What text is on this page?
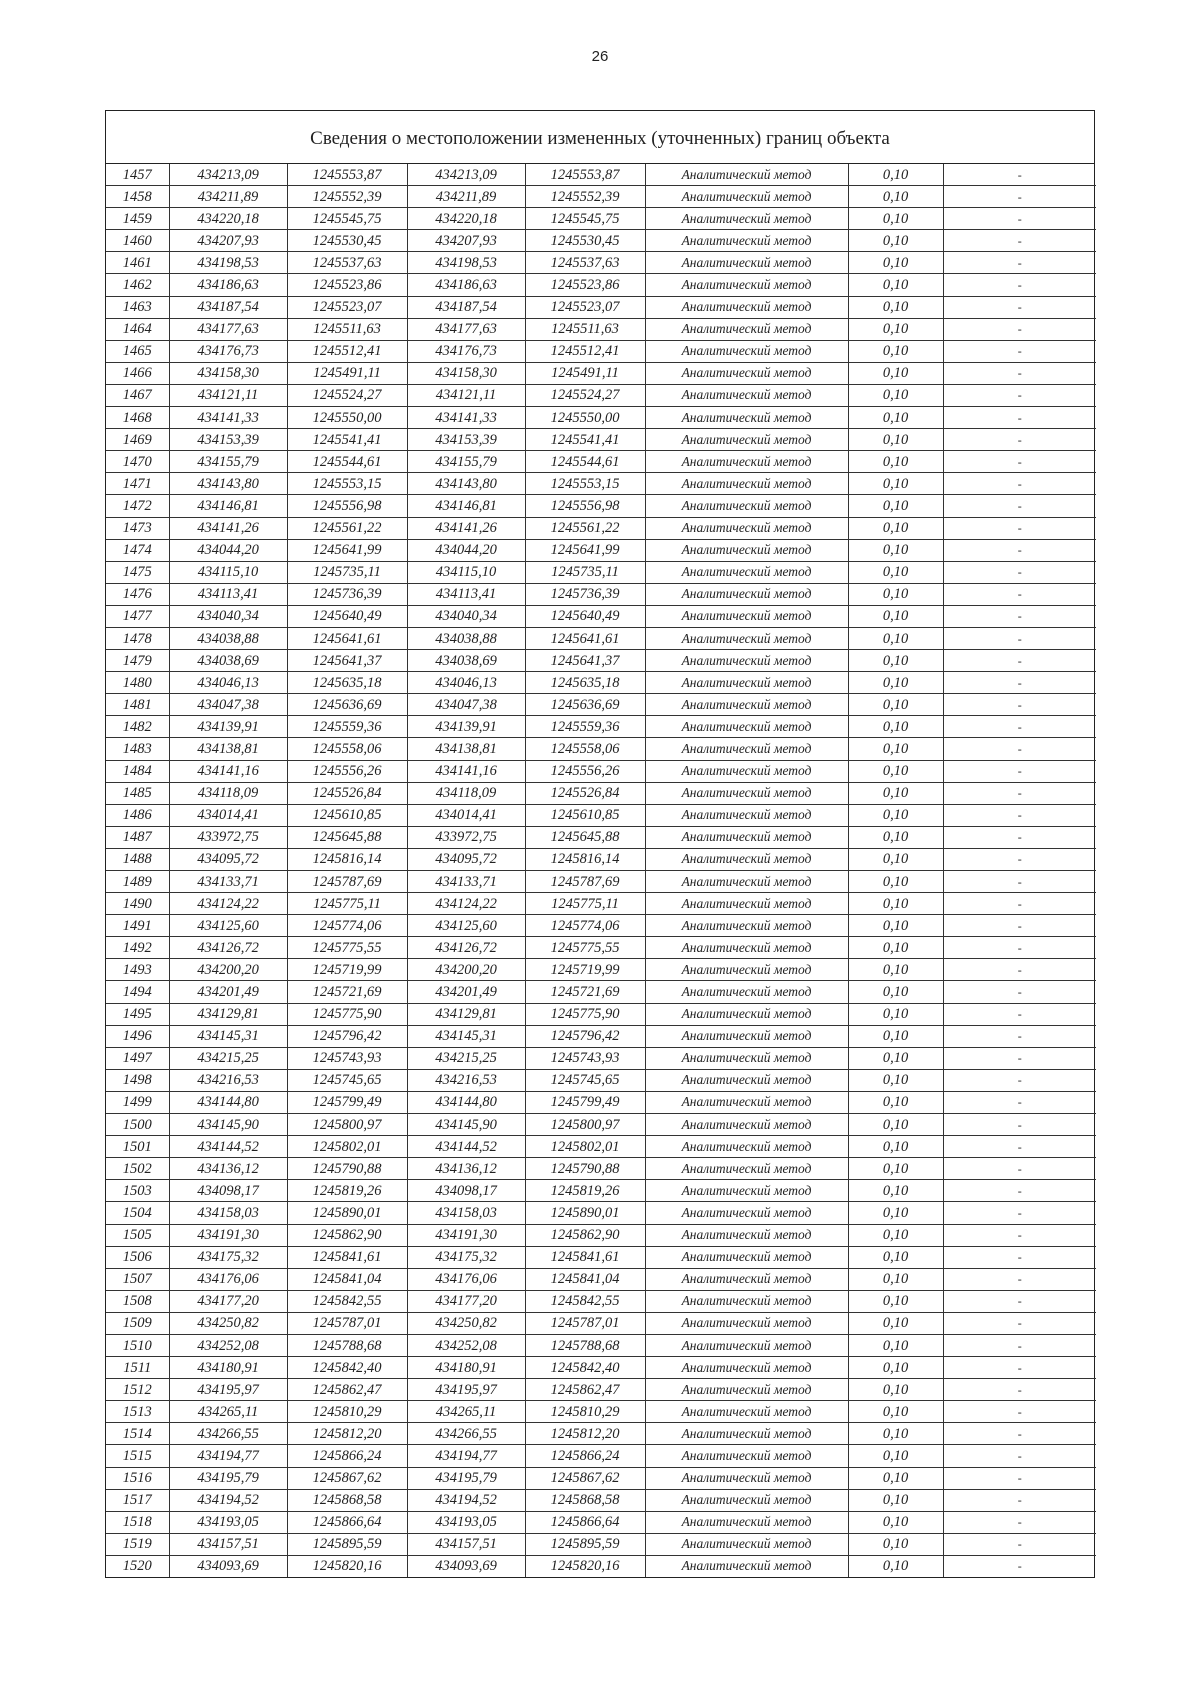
26
Сведения о местоположении измененных (уточненных) границ объекта
1457	434213,09	1245553,87	434213,09	1245553,87	Аналитический метод	0,10	-
1458	434211,89	1245552,39	434211,89	1245552,39	Аналитический метод	0,10	-
1459	434220,18	1245545,75	434220,18	1245545,75	Аналитический метод	0,10	-
1460	434207,93	1245530,45	434207,93	1245530,45	Аналитический метод	0,10	-
1461	434198,53	1245537,63	434198,53	1245537,63	Аналитический метод	0,10	-
1462	434186,63	1245523,86	434186,63	1245523,86	Аналитический метод	0,10	-
1463	434187,54	1245523,07	434187,54	1245523,07	Аналитический метод	0,10	-
1464	434177,63	1245511,63	434177,63	1245511,63	Аналитический метод	0,10	-
1465	434176,73	1245512,41	434176,73	1245512,41	Аналитический метод	0,10	-
1466	434158,30	1245491,11	434158,30	1245491,11	Аналитический метод	0,10	-
1467	434121,11	1245524,27	434121,11	1245524,27	Аналитический метод	0,10	-
1468	434141,33	1245550,00	434141,33	1245550,00	Аналитический метод	0,10	-
1469	434153,39	1245541,41	434153,39	1245541,41	Аналитический метод	0,10	-
1470	434155,79	1245544,61	434155,79	1245544,61	Аналитический метод	0,10	-
1471	434143,80	1245553,15	434143,80	1245553,15	Аналитический метод	0,10	-
1472	434146,81	1245556,98	434146,81	1245556,98	Аналитический метод	0,10	-
1473	434141,26	1245561,22	434141,26	1245561,22	Аналитический метод	0,10	-
1474	434044,20	1245641,99	434044,20	1245641,99	Аналитический метод	0,10	-
1475	434115,10	1245735,11	434115,10	1245735,11	Аналитический метод	0,10	-
1476	434113,41	1245736,39	434113,41	1245736,39	Аналитический метод	0,10	-
1477	434040,34	1245640,49	434040,34	1245640,49	Аналитический метод	0,10	-
1478	434038,88	1245641,61	434038,88	1245641,61	Аналитический метод	0,10	-
1479	434038,69	1245641,37	434038,69	1245641,37	Аналитический метод	0,10	-
1480	434046,13	1245635,18	434046,13	1245635,18	Аналитический метод	0,10	-
1481	434047,38	1245636,69	434047,38	1245636,69	Аналитический метод	0,10	-
1482	434139,91	1245559,36	434139,91	1245559,36	Аналитический метод	0,10	-
1483	434138,81	1245558,06	434138,81	1245558,06	Аналитический метод	0,10	-
1484	434141,16	1245556,26	434141,16	1245556,26	Аналитический метод	0,10	-
1485	434118,09	1245526,84	434118,09	1245526,84	Аналитический метод	0,10	-
1486	434014,41	1245610,85	434014,41	1245610,85	Аналитический метод	0,10	-
1487	433972,75	1245645,88	433972,75	1245645,88	Аналитический метод	0,10	-
1488	434095,72	1245816,14	434095,72	1245816,14	Аналитический метод	0,10	-
1489	434133,71	1245787,69	434133,71	1245787,69	Аналитический метод	0,10	-
1490	434124,22	1245775,11	434124,22	1245775,11	Аналитический метод	0,10	-
1491	434125,60	1245774,06	434125,60	1245774,06	Аналитический метод	0,10	-
1492	434126,72	1245775,55	434126,72	1245775,55	Аналитический метод	0,10	-
1493	434200,20	1245719,99	434200,20	1245719,99	Аналитический метод	0,10	-
1494	434201,49	1245721,69	434201,49	1245721,69	Аналитический метод	0,10	-
1495	434129,81	1245775,90	434129,81	1245775,90	Аналитический метод	0,10	-
1496	434145,31	1245796,42	434145,31	1245796,42	Аналитический метод	0,10	-
1497	434215,25	1245743,93	434215,25	1245743,93	Аналитический метод	0,10	-
1498	434216,53	1245745,65	434216,53	1245745,65	Аналитический метод	0,10	-
1499	434144,80	1245799,49	434144,80	1245799,49	Аналитический метод	0,10	-
1500	434145,90	1245800,97	434145,90	1245800,97	Аналитический метод	0,10	-
1501	434144,52	1245802,01	434144,52	1245802,01	Аналитический метод	0,10	-
1502	434136,12	1245790,88	434136,12	1245790,88	Аналитический метод	0,10	-
1503	434098,17	1245819,26	434098,17	1245819,26	Аналитический метод	0,10	-
1504	434158,03	1245890,01	434158,03	1245890,01	Аналитический метод	0,10	-
1505	434191,30	1245862,90	434191,30	1245862,90	Аналитический метод	0,10	-
1506	434175,32	1245841,61	434175,32	1245841,61	Аналитический метод	0,10	-
1507	434176,06	1245841,04	434176,06	1245841,04	Аналитический метод	0,10	-
1508	434177,20	1245842,55	434177,20	1245842,55	Аналитический метод	0,10	-
1509	434250,82	1245787,01	434250,82	1245787,01	Аналитический метод	0,10	-
1510	434252,08	1245788,68	434252,08	1245788,68	Аналитический метод	0,10	-
1511	434180,91	1245842,40	434180,91	1245842,40	Аналитический метод	0,10	-
1512	434195,97	1245862,47	434195,97	1245862,47	Аналитический метод	0,10	-
1513	434265,11	1245810,29	434265,11	1245810,29	Аналитический метод	0,10	-
1514	434266,55	1245812,20	434266,55	1245812,20	Аналитический метод	0,10	-
1515	434194,77	1245866,24	434194,77	1245866,24	Аналитический метод	0,10	-
1516	434195,79	1245867,62	434195,79	1245867,62	Аналитический метод	0,10	-
1517	434194,52	1245868,58	434194,52	1245868,58	Аналитический метод	0,10	-
1518	434193,05	1245866,64	434193,05	1245866,64	Аналитический метод	0,10	-
1519	434157,51	1245895,59	434157,51	1245895,59	Аналитический метод	0,10	-
1520	434093,69	1245820,16	434093,69	1245820,16	Аналитический метод	0,10	-
